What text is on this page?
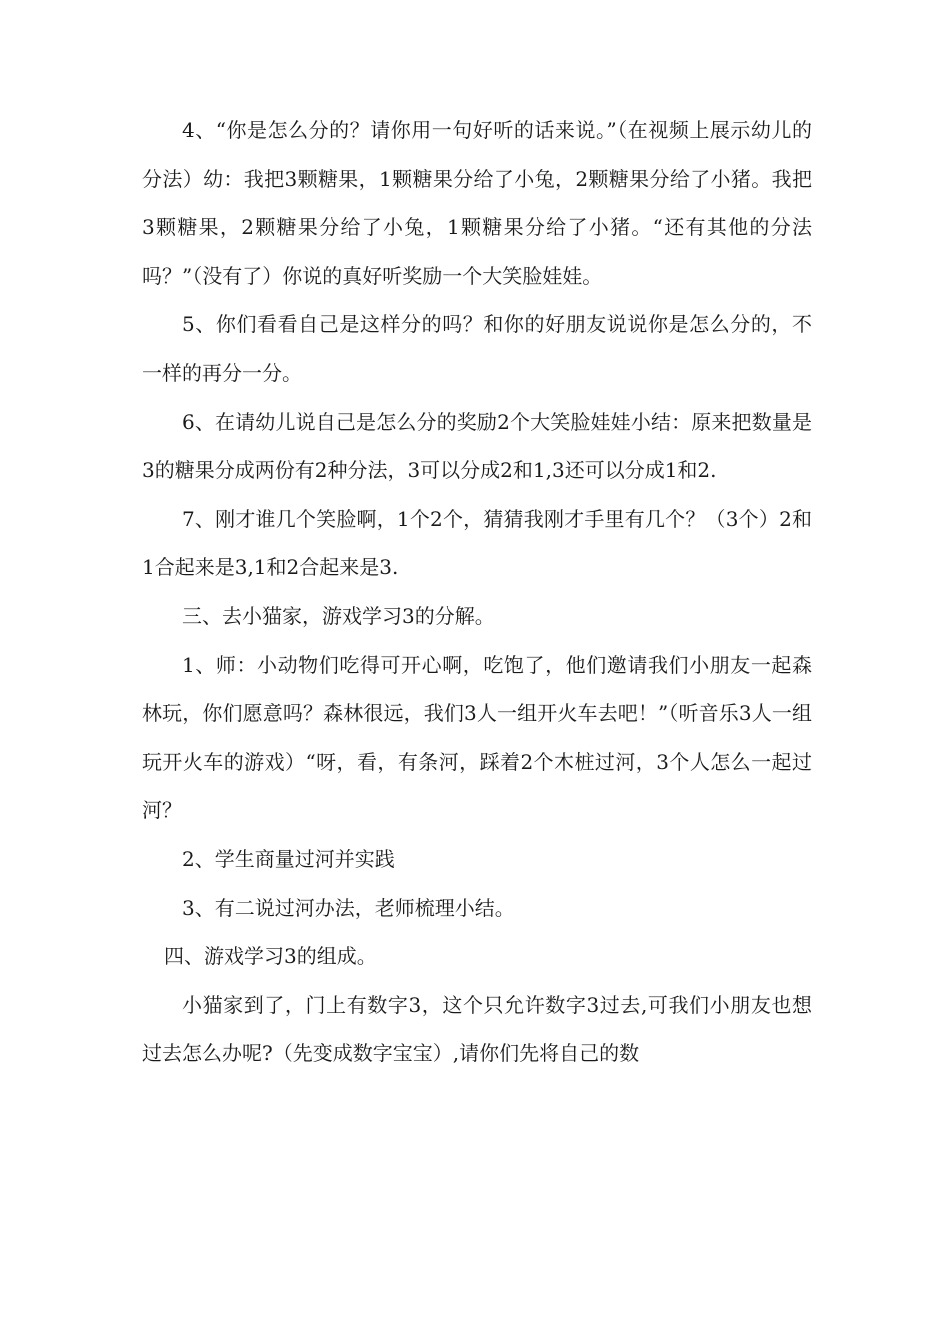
4、“你是怎么分的？请你用一句好听的话来说。”（在视频上展示幼儿的分法）幼：我把3颗糖果，1颗糖果分给了小兔，2颗糖果分给了小猪。我把3颗糖果，2颗糖果分给了小兔，1颗糖果分给了小猪。“还有其他的分法吗？”（没有了）你说的真好听奖励一个大笑脸娃娃。

5、你们看看自己是这样分的吗？和你的好朋友说说你是怎么分的，不一样的再分一分。

6、在请幼儿说自己是怎么分的奖励2个大笑脸娃娃小结：原来把数量是3的糖果分成两份有2种分法，3可以分成2和1,3还可以分成1和2.

7、刚才谁几个笑脸啊，1个2个，猜猜我刚才手里有几个？（3个）2和1合起来是3,1和2合起来是3.

三、去小猫家，游戏学习3的分解。

1、师：小动物们吃得可开心啊，吃饱了，他们邀请我们小朋友一起森林玩，你们愿意吗？森林很远，我们3人一组开火车去吧！”（听音乐3人一组玩开火车的游戏）“呀，看，有条河，踩着2个木桩过河，3个人怎么一起过河？

2、学生商量过河并实践

3、有二说过河办法，老师梳理小结。

四、游戏学习3的组成。

小猫家到了，门上有数字3，这个只允许数字3过去,可我们小朋友也想过去怎么办呢?（先变成数字宝宝）,请你们先将自己的数
